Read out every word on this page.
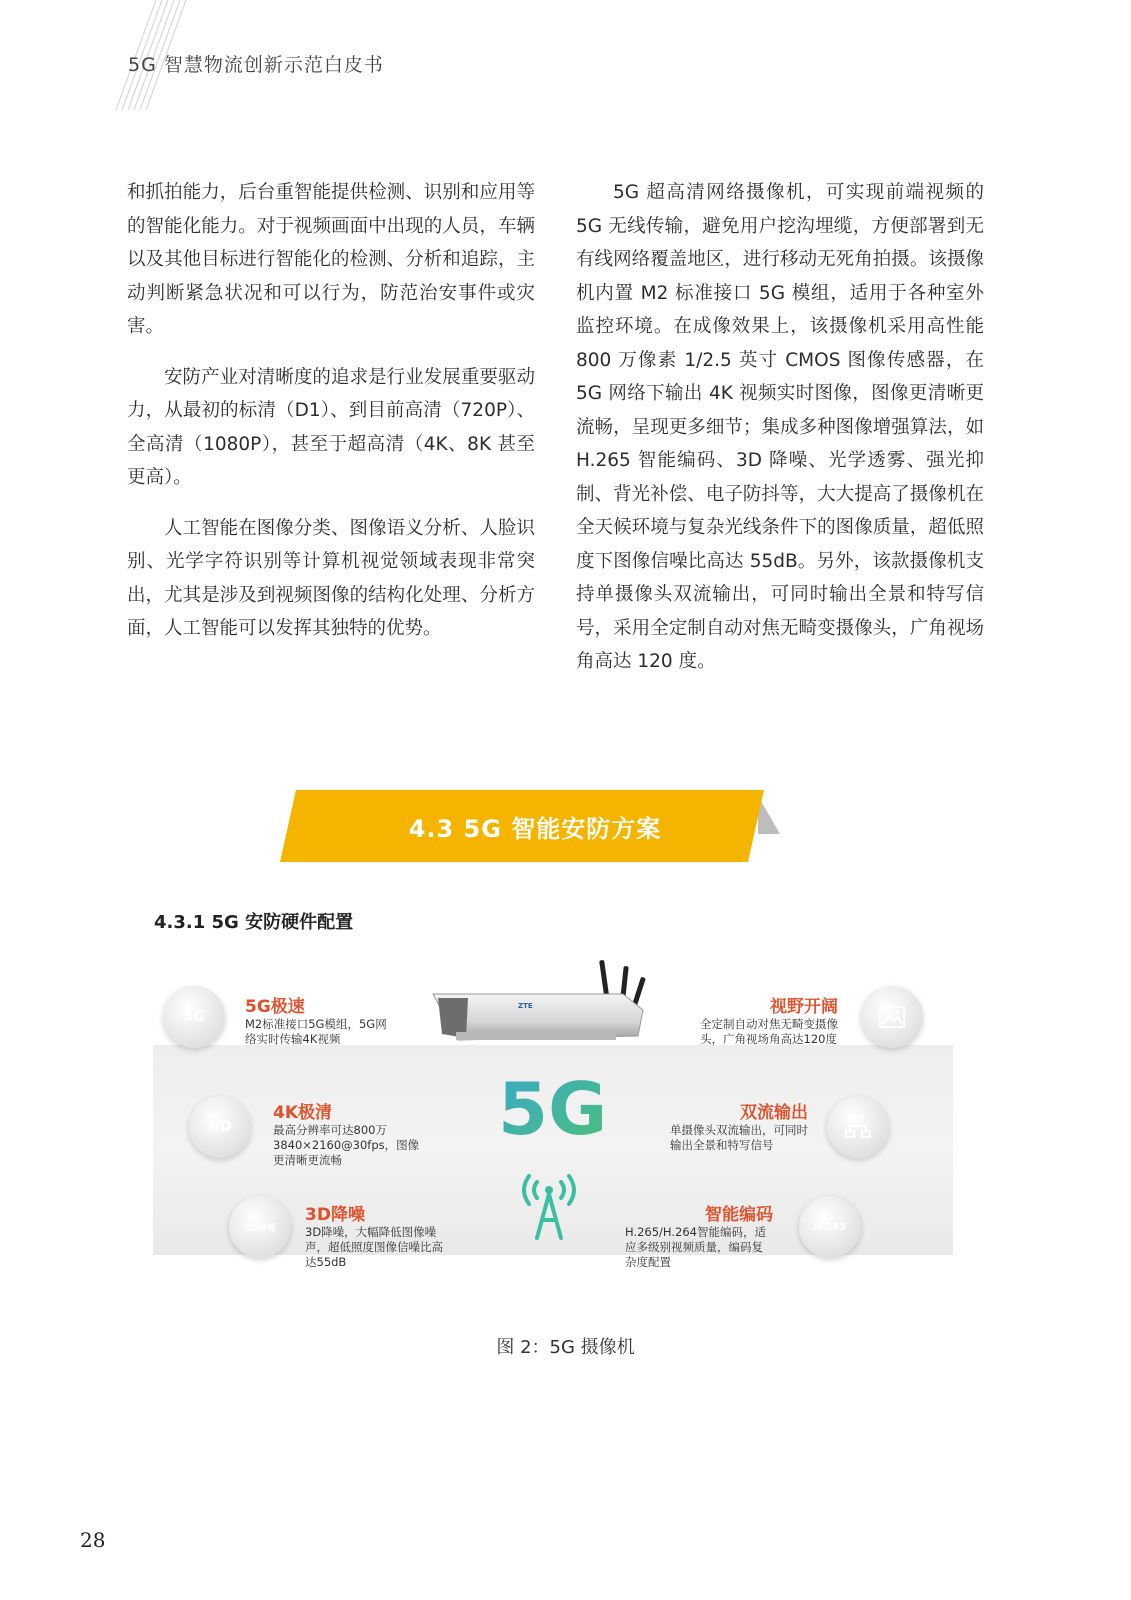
5G 智慧物流创新示范白皮书

和抓拍能力，后台重智能提供检测、识别和应用等的智能化能力。对于视频画面中出现的人员，车辆以及其他目标进行智能化的检测、分析和追踪，主动判断紧急状况和可以行为，防范治安事件或灾害。

安防产业对清晰度的追求是行业发展重要驱动力，从最初的标清（D1）、到目前高清（720P）、全高清（1080P），甚至于超高清（4K、8K 甚至更高）。

人工智能在图像分类、图像语义分析、人脸识别、光学字符识别等计算机视觉领域表现非常突出，尤其是涉及到视频图像的结构化处理、分析方面，人工智能可以发挥其独特的优势。

5G 超高清网络摄像机，可实现前端视频的 5G 无线传输，避免用户挖沟埋缆，方便部署到无有线网络覆盖地区，进行移动无死角拍摄。该摄像机内置 M2 标准接口 5G 模组，适用于各种室外监控环境。在成像效果上，该摄像机采用高性能 800 万像素 1/2.5 英寸 CMOS 图像传感器，在 5G 网络下输出 4K 视频实时图像，图像更清晰更流畅，呈现更多细节；集成多种图像增强算法，如 H.265 智能编码、3D 降噪、光学透雾、强光抑制、背光补偿、电子防抖等，大大提高了摄像机在全天候环境与复杂光线条件下的图像质量，超低照度下图像信噪比高达 55dB。另外，该款摄像机支持单摄像头双流输出，可同时输出全景和特写信号，采用全定制自动对焦无畸变摄像头，广角视场角高达 120 度。

4.3 5G 智能安防方案
4.3.1 5G 安防硬件配置
ZTE
5G
5G	5G极速
M2标准接口5G模组，5G网
络实时传输4K视频
HD
4K极清
最高分辨率可达800万
3840×2160@30fps，图像
更清晰更流畅
3D降噪
3D降噪
3D降噪，大幅降低图像噪
声，超低照度图像信噪比高
达55dB
视野开阔
全定制自动对焦无畸变摄像
头，广角视场角高达120度
双流输出
单摄像头双流输出，可同时
输出全景和特写信号
H.265
智能编码
H.265/H.264智能编码，适
应多级别视频质量，编码复
杂度配置
图 2：5G 摄像机
28
